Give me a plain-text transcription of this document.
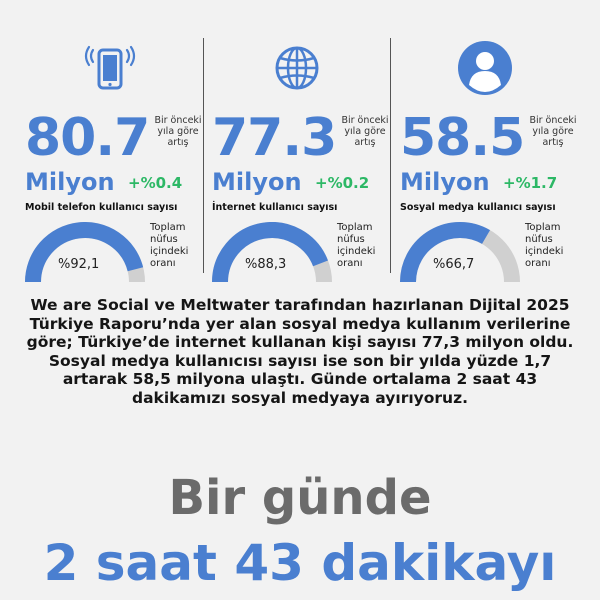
80.7 Bir önceki yıla göre artış
Milyon +%0.4
Mobil telefon kullanıcı sayısı
%92,1
Toplam nüfus içindeki oranı
77.3 Bir önceki yıla göre artış
Milyon +%0.2
İnternet kullanıcı sayısı
%88,3
Toplam nüfus içindeki oranı
58.5 Bir önceki yıla göre artış
Milyon +%1.7
Sosyal medya kullanıcı sayısı
%66,7
Toplam nüfus içindeki oranı

We are Social ve Meltwater tarafından hazırlanan Dijital 2025 Türkiye Raporu’nda yer alan sosyal medya kullanım verilerine göre; Türkiye’de internet kullanan kişi sayısı 77,3 milyon oldu. Sosyal medya kullanıcısı sayısı ise son bir yılda yüzde 1,7 artarak 58,5 milyona ulaştı. Günde ortalama 2 saat 43 dakikamızı sosyal medyaya ayırıyoruz.

Bir günde
2 saat 43 dakikayı
